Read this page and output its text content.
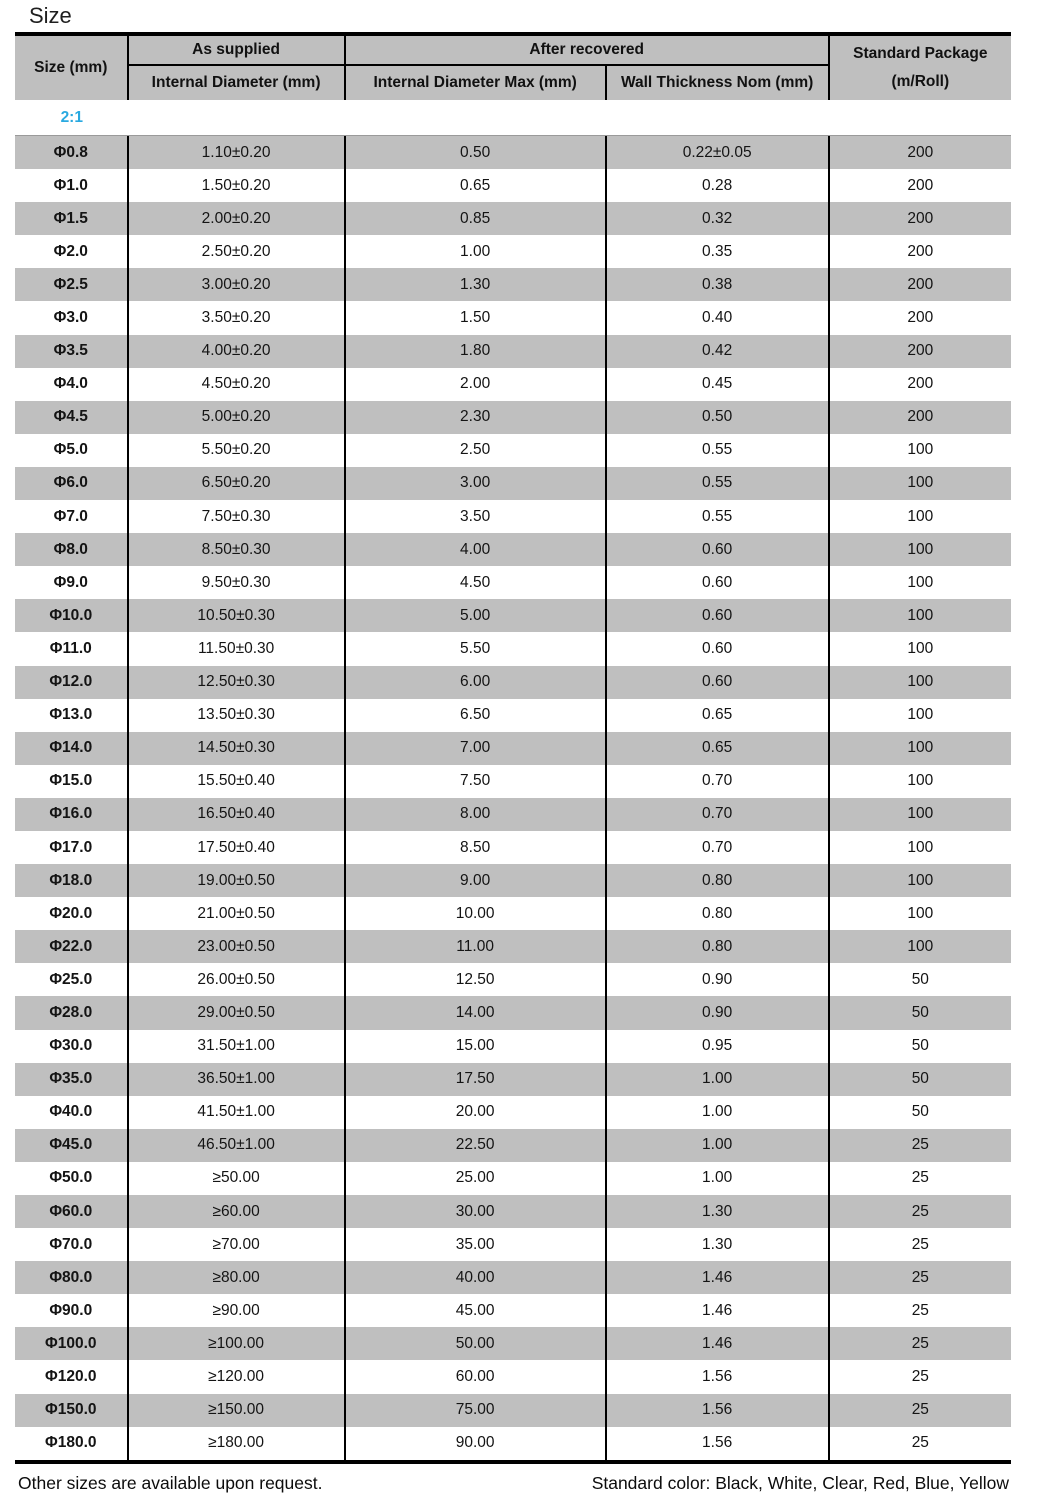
Size
Size (mm)
As supplied	After recovered	Standard Package
(m/Roll)
Internal Diameter (mm)	Internal Diameter Max (mm)	Wall Thickness Nom (mm)
2:1
Φ0.8	1.10±0.20	0.50	0.22±0.05	200
Φ1.0	1.50±0.20	0.65	0.28	200
Φ1.5	2.00±0.20	0.85	0.32	200
Φ2.0	2.50±0.20	1.00	0.35	200
Φ2.5	3.00±0.20	1.30	0.38	200
Φ3.0	3.50±0.20	1.50	0.40	200
Φ3.5	4.00±0.20	1.80	0.42	200
Φ4.0	4.50±0.20	2.00	0.45	200
Φ4.5	5.00±0.20	2.30	0.50	200
Φ5.0	5.50±0.20	2.50	0.55	100
Φ6.0	6.50±0.20	3.00	0.55	100
Φ7.0	7.50±0.30	3.50	0.55	100
Φ8.0	8.50±0.30	4.00	0.60	100
Φ9.0	9.50±0.30	4.50	0.60	100
Φ10.0	10.50±0.30	5.00	0.60	100
Φ11.0	11.50±0.30	5.50	0.60	100
Φ12.0	12.50±0.30	6.00	0.60	100
Φ13.0	13.50±0.30	6.50	0.65	100
Φ14.0	14.50±0.30	7.00	0.65	100
Φ15.0	15.50±0.40	7.50	0.70	100
Φ16.0	16.50±0.40	8.00	0.70	100
Φ17.0	17.50±0.40	8.50	0.70	100
Φ18.0	19.00±0.50	9.00	0.80	100
Φ20.0	21.00±0.50	10.00	0.80	100
Φ22.0	23.00±0.50	11.00	0.80	100
Φ25.0	26.00±0.50	12.50	0.90	50
Φ28.0	29.00±0.50	14.00	0.90	50
Φ30.0	31.50±1.00	15.00	0.95	50
Φ35.0	36.50±1.00	17.50	1.00	50
Φ40.0	41.50±1.00	20.00	1.00	50
Φ45.0	46.50±1.00	22.50	1.00	25
Φ50.0	≥50.00	25.00	1.00	25
Φ60.0	≥60.00	30.00	1.30	25
Φ70.0	≥70.00	35.00	1.30	25
Φ80.0	≥80.00	40.00	1.46	25
Φ90.0	≥90.00	45.00	1.46	25
Φ100.0	≥100.00	50.00	1.46	25
Φ120.0	≥120.00	60.00	1.56	25
Φ150.0	≥150.00	75.00	1.56	25
Φ180.0	≥180.00	90.00	1.56	25
Other sizes are available upon request.	Standard color: Black, White, Clear, Red, Blue, Yellow
